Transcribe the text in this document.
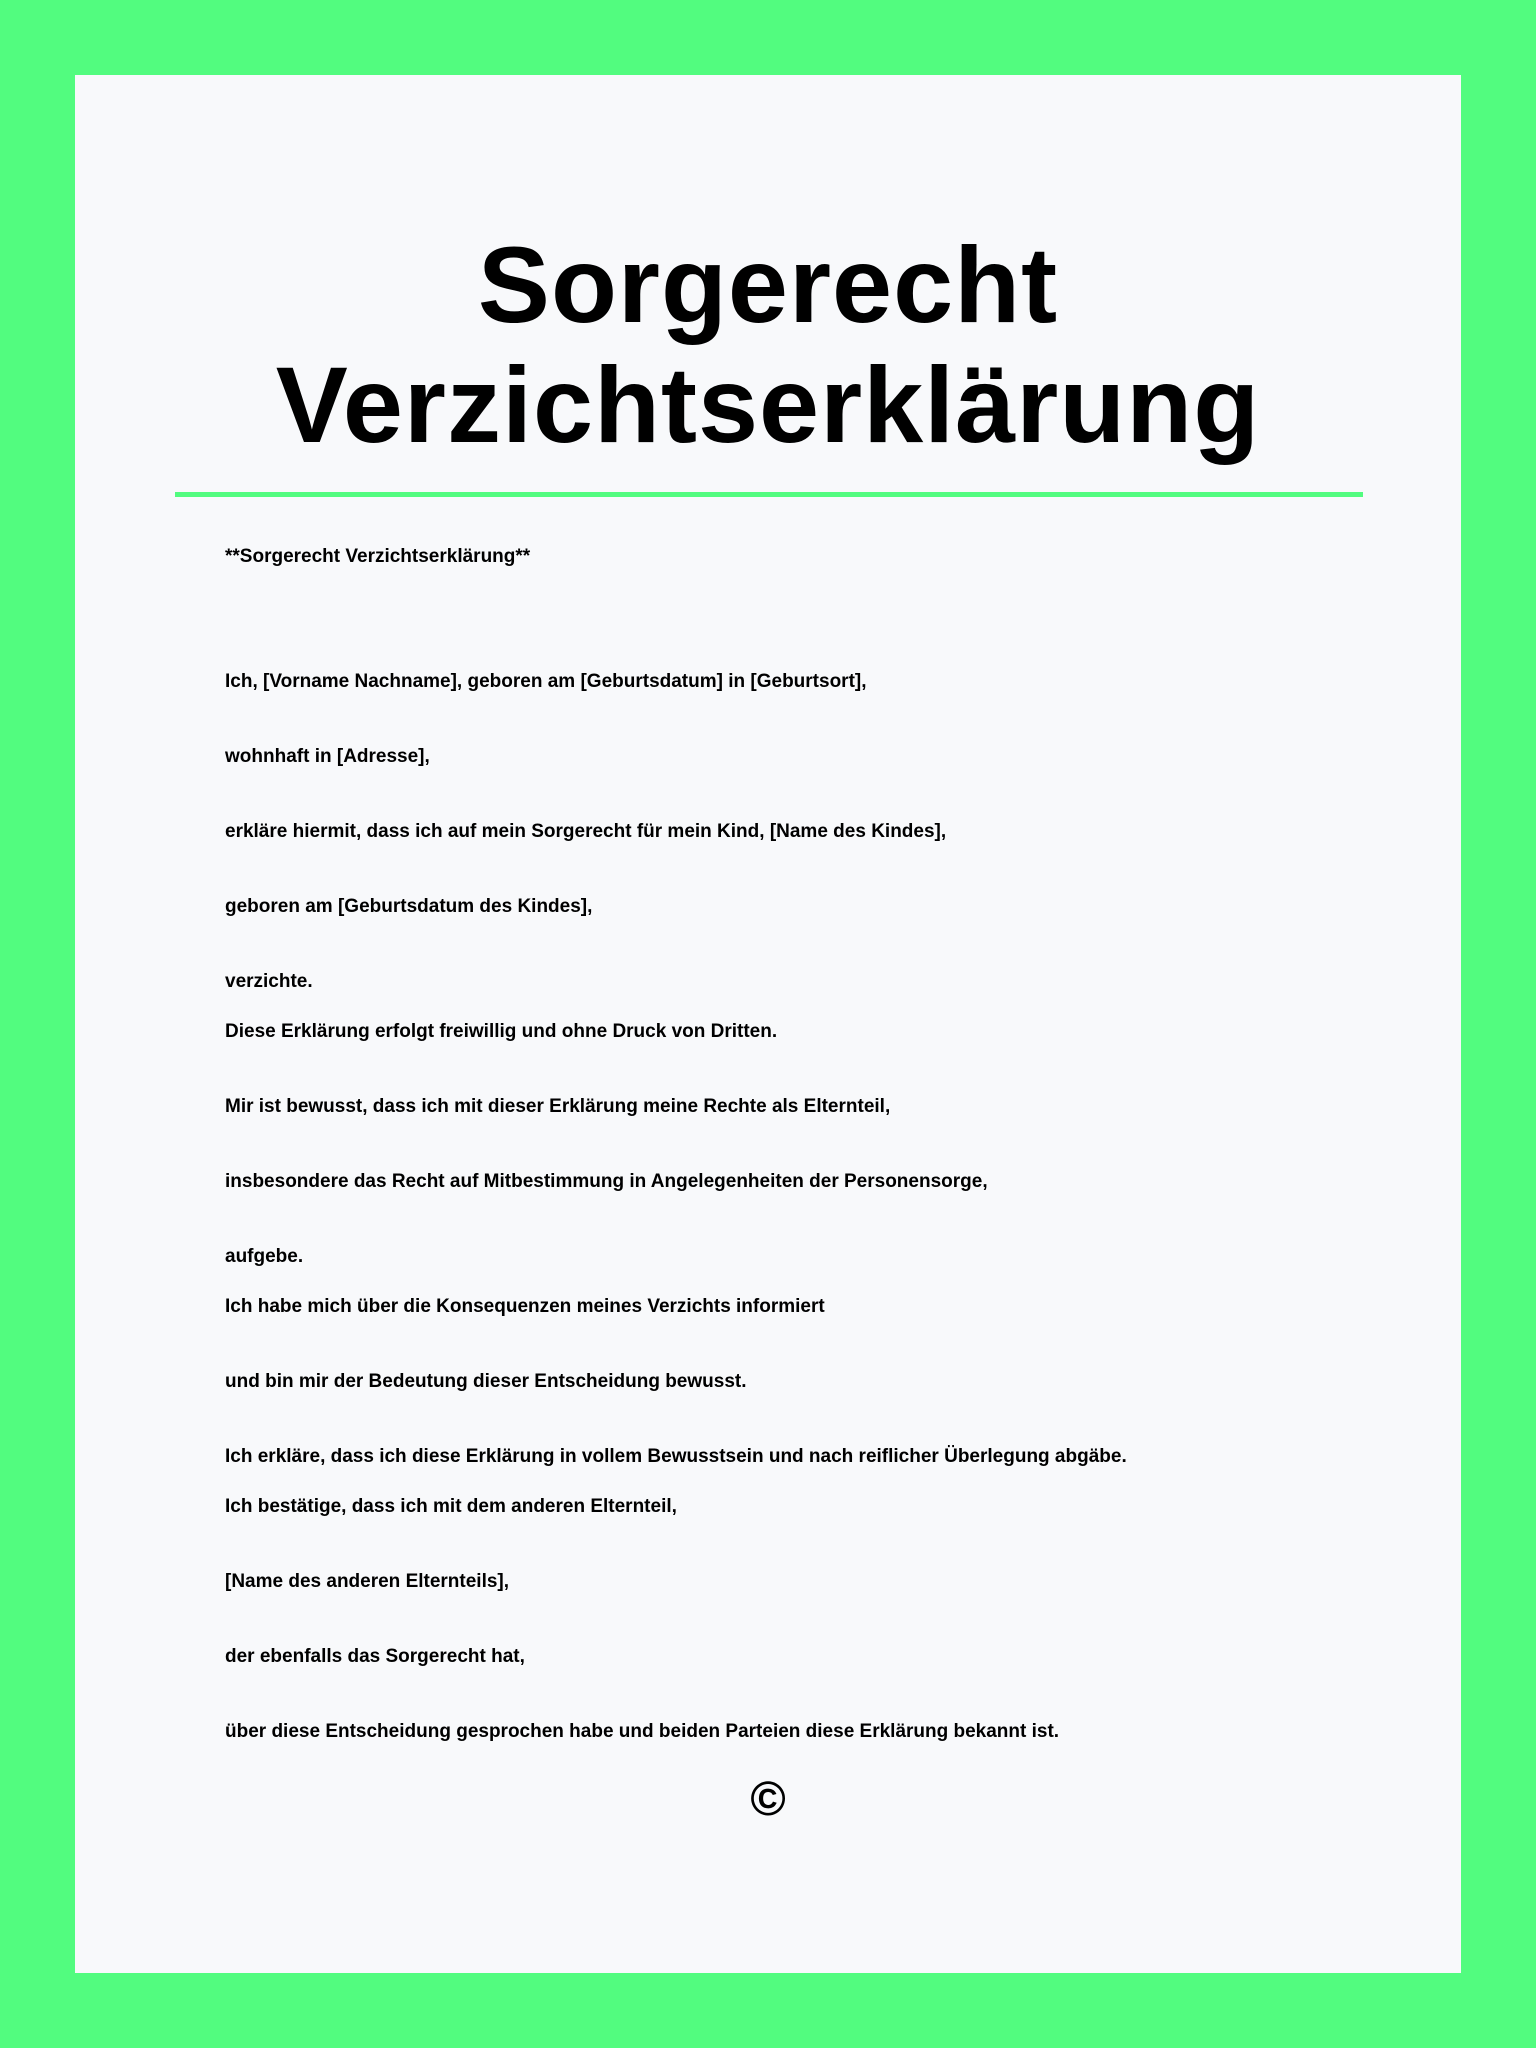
Sorgerecht
Verzichtserklärung
**Sorgerecht Verzichtserklärung**
Ich, [Vorname Nachname], geboren am [Geburtsdatum] in [Geburtsort],
wohnhaft in [Adresse],
erkläre hiermit, dass ich auf mein Sorgerecht für mein Kind, [Name des Kindes],
geboren am [Geburtsdatum des Kindes],
verzichte.
Diese Erklärung erfolgt freiwillig und ohne Druck von Dritten.
Mir ist bewusst, dass ich mit dieser Erklärung meine Rechte als Elternteil,
insbesondere das Recht auf Mitbestimmung in Angelegenheiten der Personensorge,
aufgebe.
Ich habe mich über die Konsequenzen meines Verzichts informiert
und bin mir der Bedeutung dieser Entscheidung bewusst.
Ich erkläre, dass ich diese Erklärung in vollem Bewusstsein und nach reiflicher Überlegung abgäbe.
Ich bestätige, dass ich mit dem anderen Elternteil,
[Name des anderen Elternteils],
der ebenfalls das Sorgerecht hat,
über diese Entscheidung gesprochen habe und beiden Parteien diese Erklärung bekannt ist.
©
